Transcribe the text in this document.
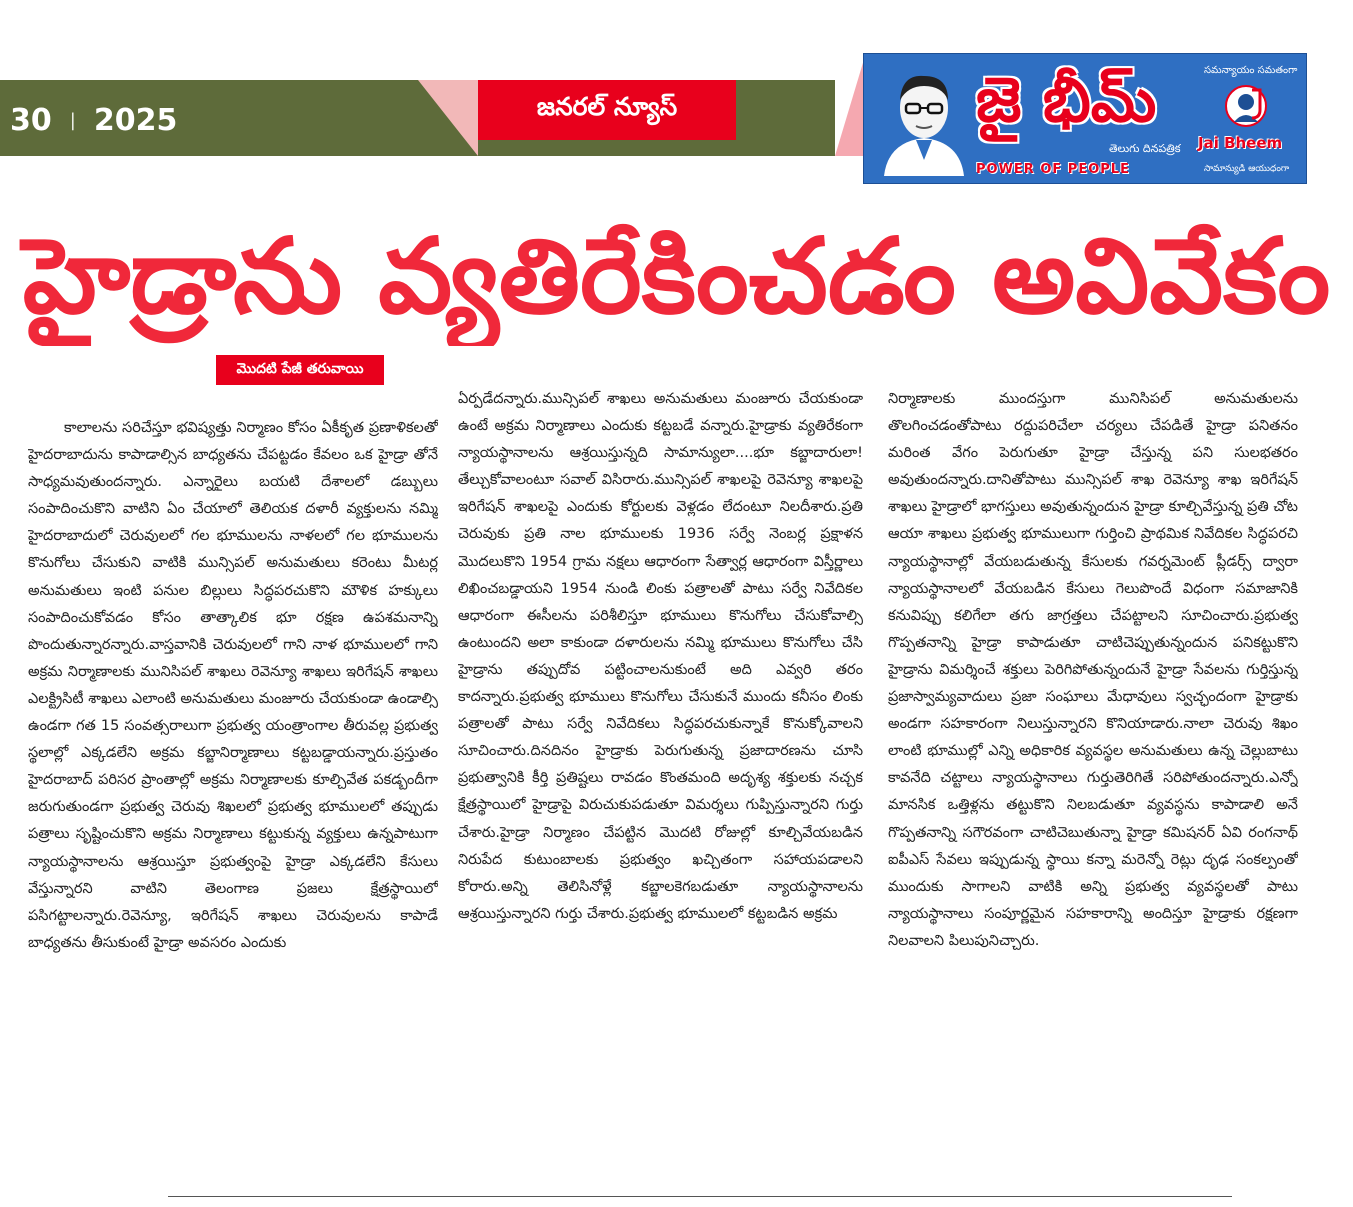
30 | 2025	జనరల్ న్యూస్	జై భీమ్
తెలుగు దినపత్రిక
POWER OF PEOPLE
సమన్యాయం సమతంగా
Jai Bheem
సామాన్యుడి ఆయుధంగా
హైడ్రాను వ్యతిరేకించడం అవివేకం
మొదటి పేజీ తరువాయి

కాలాలను సరిచేస్తూ భవిష్యత్తు నిర్మాణం కోసం ఏకీకృత ప్రణాళికలతో హైదరాబాదును కాపాడాల్సిన బాధ్యతను చేపట్టడం కేవలం ఒక హైడ్రా తోనే సాధ్యమవుతుందన్నారు. ఎన్నారైలు బయటి దేశాలలో డబ్బులు సంపాదించుకొని వాటిని ఏం చేయాలో తెలియక దళారీ వ్యక్తులను నమ్మి హైదరాబాదులో చెరువులలో గల భూములను నాళలలో గల భూములను కొనుగోలు చేసుకుని వాటికి మున్సిపల్ అనుమతులు కరెంటు మీటర్ల అనుమతులు ఇంటి పనుల బిల్లులు సిద్ధపరచుకొని మౌళిక హక్కులు సంపాదించుకోవడం కోసం తాత్కాలిక భూ రక్షణ ఉపశమనాన్ని పొందుతున్నారన్నారు.వాస్తవానికి చెరువులలో గాని నాళ భూములలో గాని అక్రమ నిర్మాణాలకు మునిసిపల్ శాఖలు రెవెన్యూ శాఖలు ఇరిగేషన్ శాఖలు ఎలక్ట్రిసిటీ శాఖలు ఎలాంటి అనుమతులు మంజూరు చేయకుండా ఉండాల్సి ఉండగా గత 15 సంవత్సరాలుగా ప్రభుత్వ యంత్రాంగాల తీరువల్ల ప్రభుత్వ స్థలాల్లో ఎక్కడలేని అక్రమ కబ్జానిర్మాణాలు కట్టబడ్డాయన్నారు.ప్రస్తుతం హైదరాబాద్ పరిసర ప్రాంతాల్లో అక్రమ నిర్మాణాలకు కూల్చివేత పకడ్బందీగా జరుగుతుండగా ప్రభుత్వ చెరువు శిఖలలో ప్రభుత్వ భూములలో తప్పుడు పత్రాలు సృష్టించుకొని అక్రమ నిర్మాణాలు కట్టుకున్న వ్యక్తులు ఉన్నపాటుగా న్యాయస్థానాలను ఆశ్రయిస్తూ ప్రభుత్వంపై హైడ్రా ఎక్కడలేని కేసులు వేస్తున్నారని వాటిని తెలంగాణ ప్రజలు క్షేత్రస్థాయిలో పసిగట్టాలన్నారు.రెవెన్యూ, ఇరిగేషన్ శాఖలు చెరువులను కాపాడే బాధ్యతను తీసుకుంటే హైడ్రా అవసరం ఎందుకు

ఏర్పడేదన్నారు.మున్సిపల్ శాఖలు అనుమతులు మంజూరు చేయకుండా ఉంటే అక్రమ నిర్మాణాలు ఎందుకు కట్టబడే వన్నారు.హైడ్రాకు వ్యతిరేకంగా న్యాయస్థానాలను ఆశ్రయిస్తున్నది సామాన్యులా....భూ కబ్జాదారులా! తేల్చుకోవాలంటూ సవాల్ విసిరారు.మున్సిపల్ శాఖలపై రెవెన్యూ శాఖలపై ఇరిగేషన్ శాఖలపై ఎందుకు కోర్టులకు వెళ్లడం లేదంటూ నిలదీశారు.ప్రతి చెరువుకు ప్రతి నాల భూములకు 1936 సర్వే నెంబర్ల ప్రక్షాళన మొదలుకొని 1954 గ్రామ నక్షలు ఆధారంగా సేత్వార్ల ఆధారంగా విస్తీర్ణాలు లిఖించబడ్డాయని 1954 నుండి లింకు పత్రాలతో పాటు సర్వే నివేదికల ఆధారంగా ఈసీలను పరిశీలిస్తూ భూములు కొనుగోలు చేసుకోవాల్సి ఉంటుందని అలా కాకుండా దళారులను నమ్మి భూములు కొనుగోలు చేసి హైడ్రాను తప్పుదోవ పట్టించాలనుకుంటే అది ఎవ్వరి తరం కాదన్నారు.ప్రభుత్వ భూములు కొనుగోలు చేసుకునే ముందు కనీసం లింకు పత్రాలతో పాటు సర్వే నివేదికలు సిద్ధపరచుకున్నాకే కొనుక్కోవాలని సూచించారు.దినదినం హైడ్రాకు పెరుగుతున్న ప్రజాదారణను చూసి ప్రభుత్వానికి కీర్తి ప్రతిష్టలు రావడం కొంతమంది అదృశ్య శక్తులకు నచ్చక క్షేత్రస్థాయిలో హైడ్రాపై విరుచుకుపడుతూ విమర్శలు గుప్పిస్తున్నారని గుర్తు చేశారు.హైడ్రా నిర్మాణం చేపట్టిన మొదటి రోజుల్లో కూల్చివేయబడిన నిరుపేద కుటుంబాలకు ప్రభుత్వం ఖచ్చితంగా సహాయపడాలని కోరారు.అన్ని తెలిసినోళ్లే కబ్జాలకెగబడుతూ న్యాయస్థానాలను ఆశ్రయిస్తున్నారని గుర్తు చేశారు.ప్రభుత్వ భూములలో కట్టబడిన అక్రమ

నిర్మాణాలకు ముందస్తుగా మునిసిపల్ అనుమతులను తొలగించడంతోపాటు రద్దుపరిచేలా చర్యలు చేపడితే హైడ్రా పనితనం మరింత వేగం పెరుగుతూ హైడ్రా చేస్తున్న పని సులభతరం అవుతుందన్నారు.దానితోపాటు మున్సిపల్ శాఖ రెవెన్యూ శాఖ ఇరిగేషన్ శాఖలు హైడ్రాలో భాగస్తులు అవుతున్నందున హైడ్రా కూల్చివేస్తున్న ప్రతి చోట ఆయా శాఖలు ప్రభుత్వ భూములుగా గుర్తించి ప్రాథమిక నివేదికల సిద్ధపరచి న్యాయస్థానాల్లో వేయబడుతున్న కేసులకు గవర్నమెంట్ ప్లీడర్స్ ద్వారా న్యాయస్థానాలలో వేయబడిన కేసులు గెలుపొందే విధంగా సమాజానికి కనువిప్పు కలిగేలా తగు జాగ్రత్తలు చేపట్టాలని సూచించారు.ప్రభుత్వ గొప్పతనాన్ని హైడ్రా కాపాడుతూ చాటిచెప్పుతున్నందున పనికట్టుకొని హైడ్రాను విమర్శించే శక్తులు పెరిగిపోతున్నందునే హైడ్రా సేవలను గుర్తిస్తున్న ప్రజాస్వామ్యవాదులు ప్రజా సంఘాలు మేధావులు స్వచ్ఛందంగా హైడ్రాకు అండగా సహకారంగా నిలుస్తున్నారని కొనియాడారు.నాలా చెరువు శిఖం లాంటి భూముల్లో ఎన్ని అధికారిక వ్యవస్థల అనుమతులు ఉన్న చెల్లుబాటు కావనేది చట్టాలు న్యాయస్థానాలు గుర్తుతెరిగితే సరిపోతుందన్నారు.ఎన్నో మానసిక ఒత్తిళ్లను తట్టుకొని నిలబడుతూ వ్యవస్థను కాపాడాలి అనే గొప్పతనాన్ని సగౌరవంగా చాటిచెబుతున్నా హైడ్రా కమిషనర్ ఏవి రంగనాథ్ ఐపీఎస్ సేవలు ఇప్పుడున్న స్థాయి కన్నా మరెన్నో రెట్లు దృఢ సంకల్పంతో ముందుకు సాగాలని వాటికి అన్ని ప్రభుత్వ వ్యవస్థలతో పాటు న్యాయస్థానాలు సంపూర్ణమైన సహకారాన్ని అందిస్తూ హైడ్రాకు రక్షణగా నిలవాలని పిలుపునిచ్చారు.
